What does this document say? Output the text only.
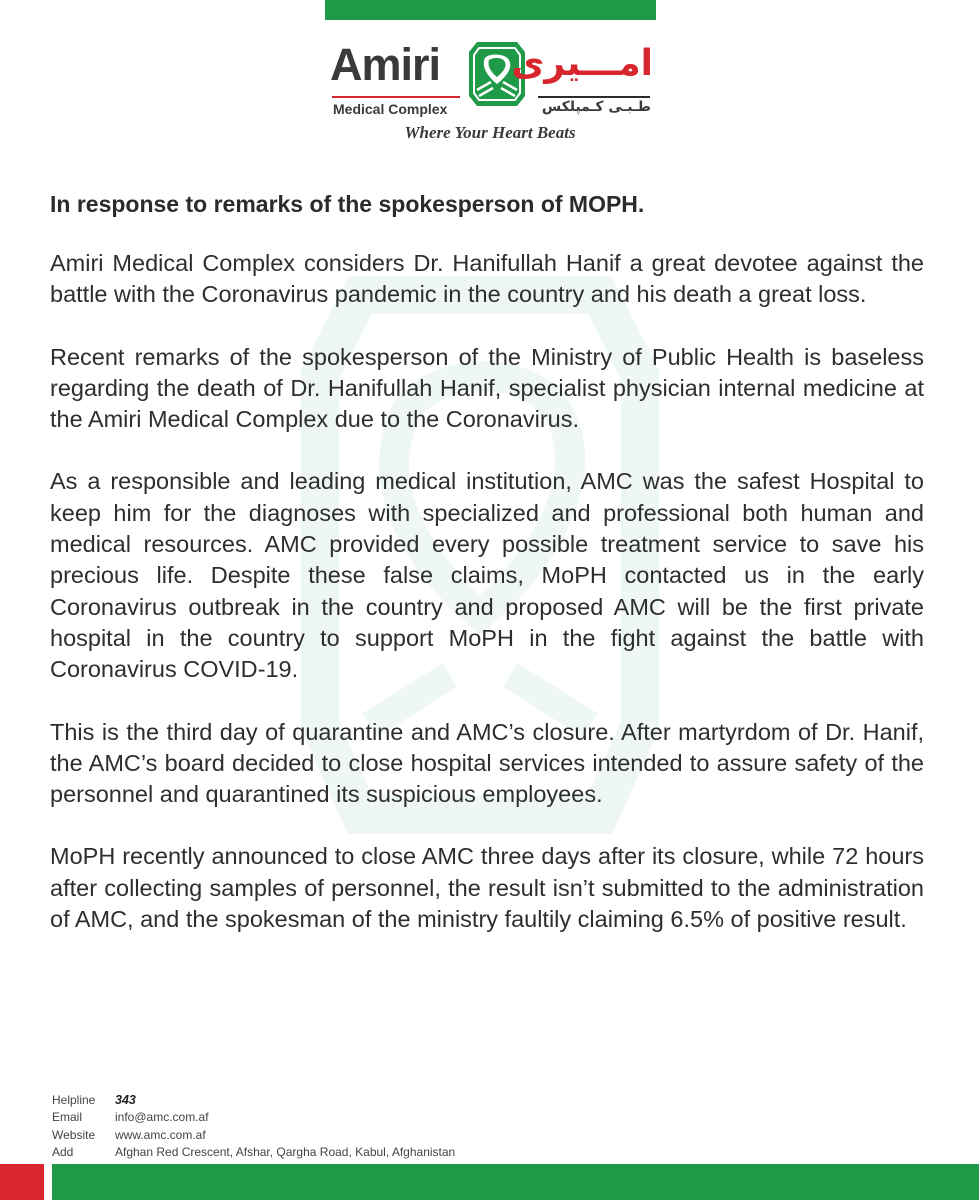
Amiri
Medical Complex
امـــیری
طـبـی کـمپلکس
Where Your Heart Beats
In response to remarks of the spokesperson of MOPH.

Amiri Medical Complex considers Dr. Hanifullah Hanif a great devotee against the battle with the Coronavirus pandemic in the country and his death a great loss.

Recent remarks of the spokesperson of the Ministry of Public Health is baseless regarding the death of Dr. Hanifullah Hanif, specialist physician internal medicine at the Amiri Medical Complex due to the Coronavirus.

As a responsible and leading medical institution, AMC was the safest Hospital to keep him for the diagnoses with specialized and professional both human and medical resources. AMC provided every possible treatment service to save his precious life. Despite these false claims, MoPH contacted us in the early Coronavirus outbreak in the country and proposed AMC will be the first private hospital in the country to support MoPH in the fight against the battle with Coronavirus COVID-19.

This is the third day of quarantine and AMC’s closure. After martyrdom of Dr. Hanif, the AMC’s board decided to close hospital services intended to assure safety of the personnel and quarantined its suspicious employees.

MoPH recently announced to close AMC three days after its closure, while 72 hours after collecting samples of personnel, the result isn’t submitted to the administration of AMC, and the spokesman of the ministry faultily claiming 6.5% of positive result.

Helpline	343
Email	info@amc.com.af
Website	www.amc.com.af
Add	Afghan Red Crescent, Afshar, Qargha Road, Kabul, Afghanistan
